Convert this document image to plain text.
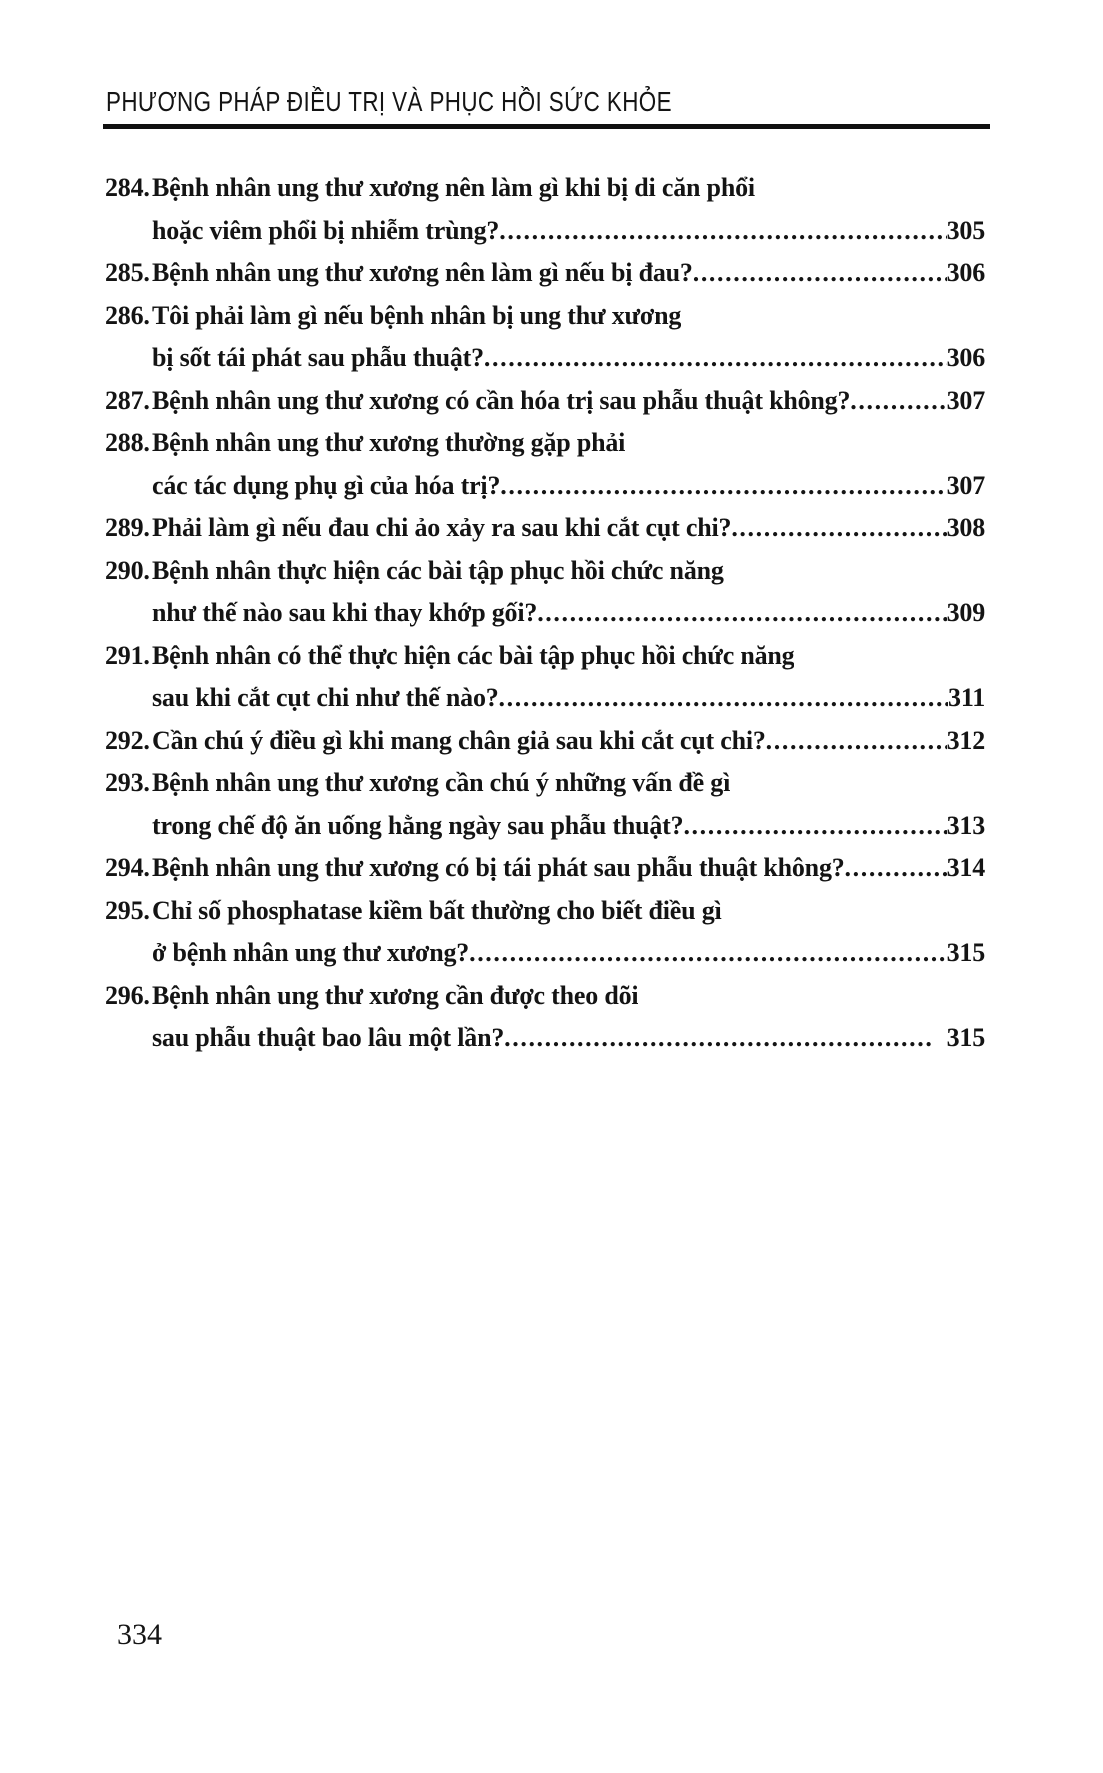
PHƯƠNG PHÁP ĐIỀU TRỊ VÀ PHỤC HỒI SỨC KHỎE
284. Bệnh nhân ung thư xương nên làm gì khi bị di căn phổi
hoặc viêm phổi bị nhiễm trùng? .....	305
285. Bệnh nhân ung thư xương nên làm gì nếu bị đau? .....	306
286. Tôi phải làm gì nếu bệnh nhân bị ung thư xương
bị sốt tái phát sau phẫu thuật? .....	306
287. Bệnh nhân ung thư xương có cần hóa trị sau phẫu thuật không? .....	307
288. Bệnh nhân ung thư xương thường gặp phải
các tác dụng phụ gì của hóa trị? .....	307
289. Phải làm gì nếu đau chi ảo xảy ra sau khi cắt cụt chi? .....	308
290. Bệnh nhân thực hiện các bài tập phục hồi chức năng
như thế nào sau khi thay khớp gối? .....	309
291. Bệnh nhân có thể thực hiện các bài tập phục hồi chức năng
sau khi cắt cụt chi như thế nào? .....	311
292. Cần chú ý điều gì khi mang chân giả sau khi cắt cụt chi? .....	312
293. Bệnh nhân ung thư xương cần chú ý những vấn đề gì
trong chế độ ăn uống hằng ngày sau phẫu thuật? .....	313
294. Bệnh nhân ung thư xương có bị tái phát sau phẫu thuật không? .....	314
295. Chỉ số phosphatase kiềm bất thường cho biết điều gì
ở bệnh nhân ung thư xương? .....	315
296. Bệnh nhân ung thư xương cần được theo dõi
sau phẫu thuật bao lâu một lần? .....	315
334
